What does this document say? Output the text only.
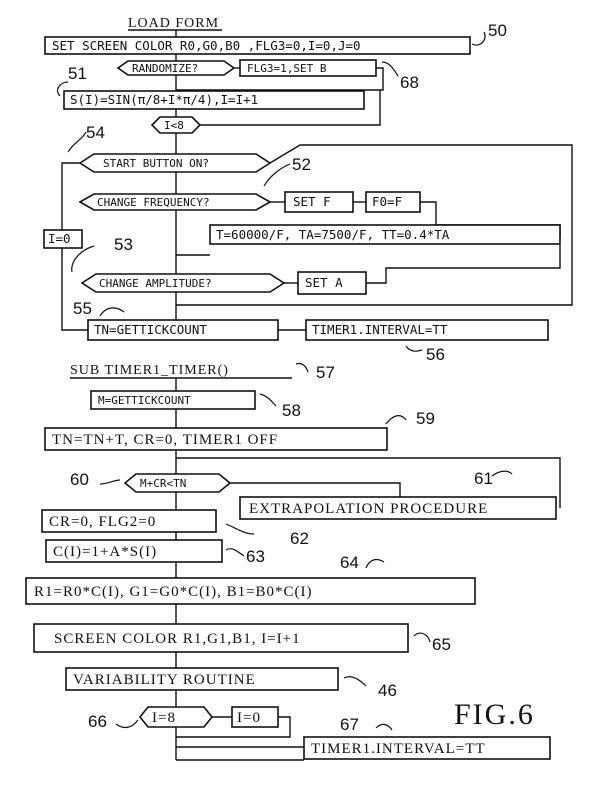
LOAD FORM
SET SCREEN COLOR R0,G0,B0 ,FLG3=0,I=0,J=0
RANDOMIZE?	FLG3=1,SET B
S(I)=SIN(π/8+I*π/4),I=I+1
I<8
START BUTTON ON?
CHANGE FREQUENCY?	SET F	F0=F
T=60000/F, TA=7500/F, TT=0.4*TA
I=0
CHANGE AMPLITUDE?	SET A
TN=GETTICKCOUNT	TIMER1.INTERVAL=TT
SUB TIMER1_TIMER()
M=GETTICKCOUNT
TN=TN+T, CR=0, TIMER1 OFF
M+CR<TN
EXTRAPOLATION PROCEDURE
CR=0, FLG2=0
C(I)=1+A*S(I)
R1=R0*C(I), G1=G0*C(I), B1=B0*C(I)
SCREEN COLOR R1,G1,B1, I=I+1
VARIABILITY ROUTINE
I=8	I=0
TIMER1.INTERVAL=TT
50
51	68
54
52
53
55
56
57
58	59
60	61
62
63	64
65
46
66	67	FIG.6
